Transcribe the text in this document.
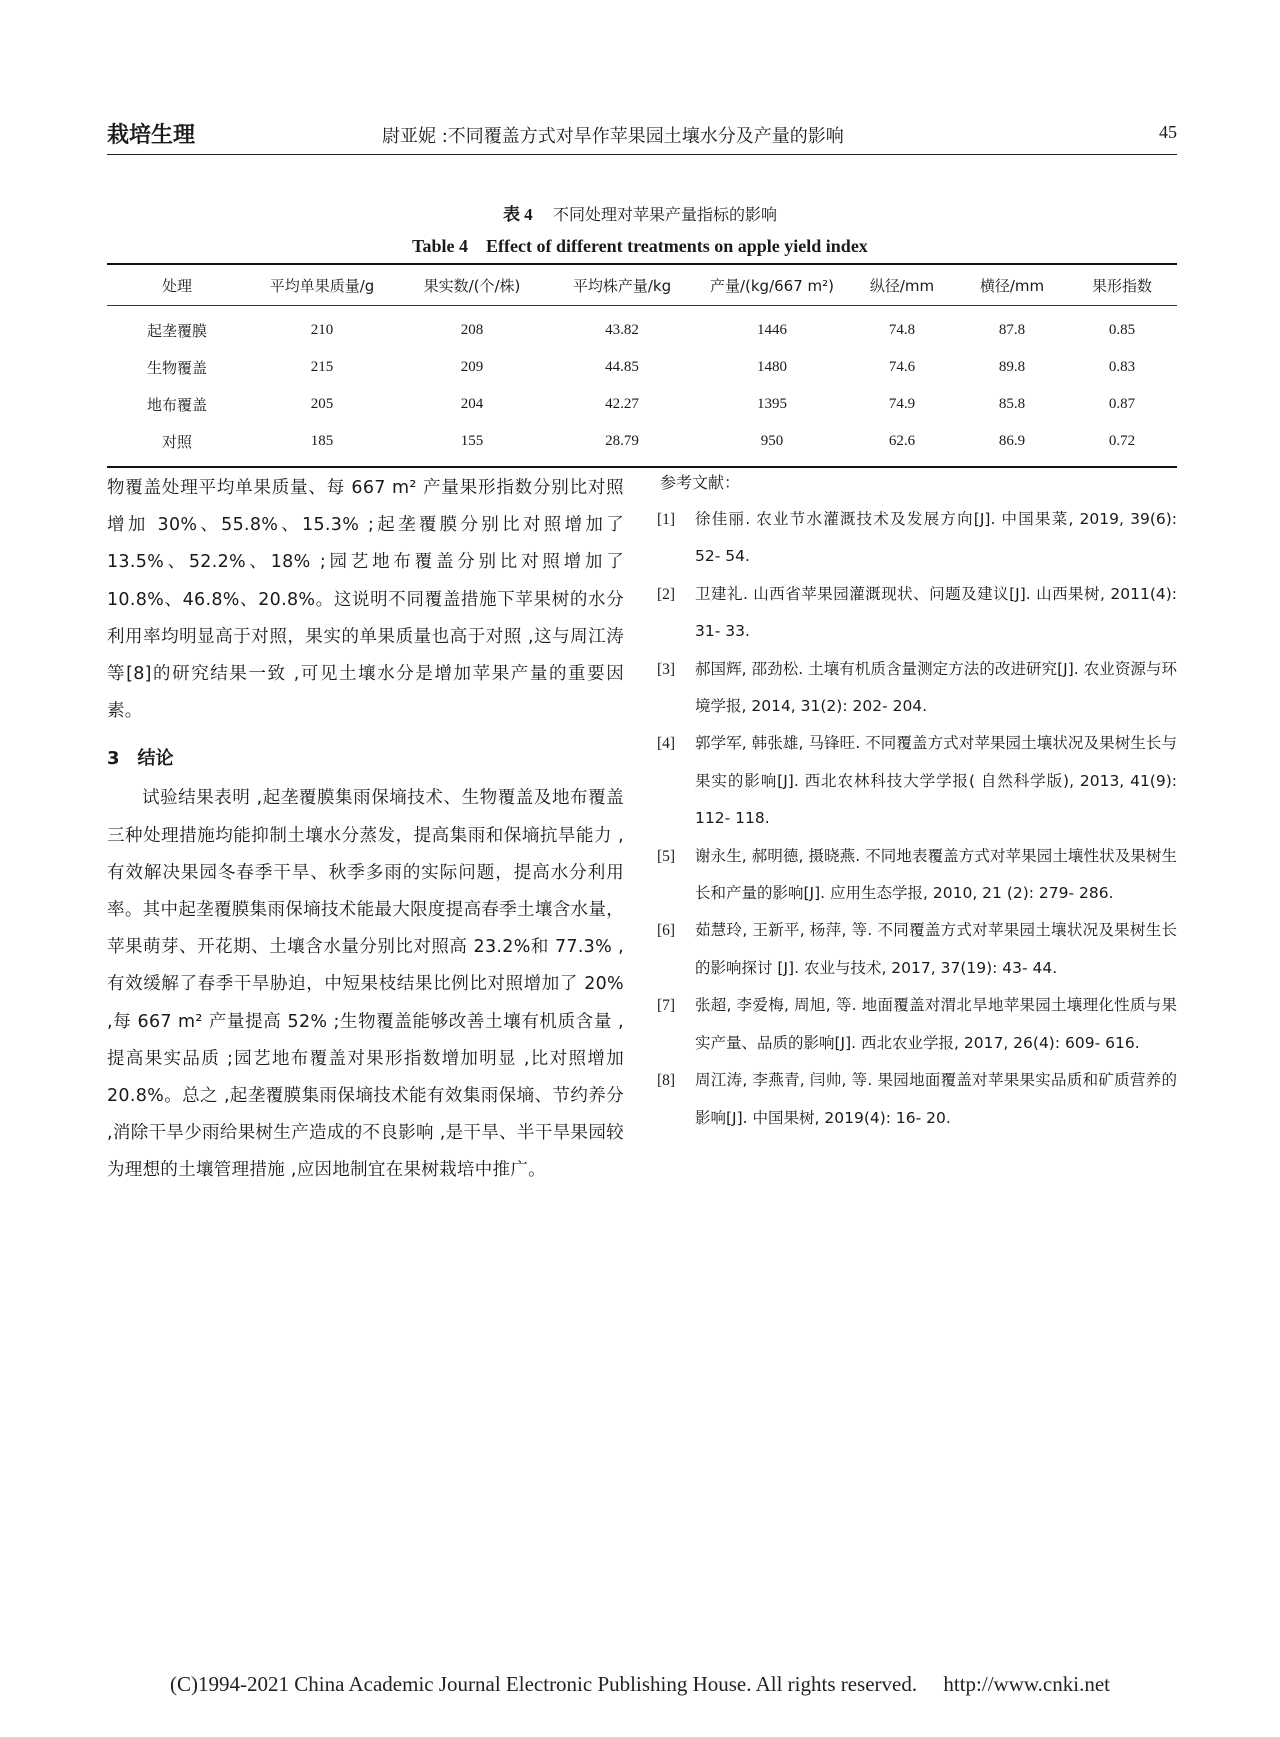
栽培生理	尉亚妮 :不同覆盖方式对旱作苹果园土壤水分及产量的影响	45
表 4 不同处理对苹果产量指标的影响
Table 4　Effect of different treatments on apple yield index
处理	平均单果质量/g	果实数/(个/株)	平均株产量/kg	产量/(kg/667 m²)	纵径/mm	横径/mm	果形指数
起垄覆膜	210	208	43.82	1446	74.8	87.8	0.85
生物覆盖	215	209	44.85	1480	74.6	89.8	0.83
地布覆盖	205	204	42.27	1395	74.9	85.8	0.87
对照	185	155	28.79	950	62.6	86.9	0.72

物覆盖处理平均单果质量、每 667 m² 产量果形指数分别比对照增加 30%、55.8%、15.3% ;起垄覆膜分别比对照增加了 13.5%、52.2%、18% ;园艺地布覆盖分别比对照增加了 10.8%、46.8%、20.8%。这说明不同覆盖措施下苹果树的水分利用率均明显高于对照，果实的单果质量也高于对照 ,这与周江涛等[8]的研究结果一致 ,可见土壤水分是增加苹果产量的重要因素。

3 结论

试验结果表明 ,起垄覆膜集雨保墒技术、生物覆盖及地布覆盖三种处理措施均能抑制土壤水分蒸发，提高集雨和保墒抗旱能力 ,有效解决果园冬春季干旱、秋季多雨的实际问题，提高水分利用率。其中起垄覆膜集雨保墒技术能最大限度提高春季土壤含水量，苹果萌芽、开花期、土壤含水量分别比对照高 23.2%和 77.3% ,有效缓解了春季干旱胁迫，中短果枝结果比例比对照增加了 20% ,每 667 m² 产量提高 52% ;生物覆盖能够改善土壤有机质含量 ,提高果实品质 ;园艺地布覆盖对果形指数增加明显 ,比对照增加 20.8%。总之 ,起垄覆膜集雨保墒技术能有效集雨保墒、节约养分 ,消除干旱少雨给果树生产造成的不良影响 ,是干旱、半干旱果园较为理想的土壤管理措施 ,应因地制宜在果树栽培中推广。

参考文献：
[1]	徐佳丽. 农业节水灌溉技术及发展方向[J]. 中国果菜, 2019, 39(6): 52- 54.
[2]	卫建礼. 山西省苹果园灌溉现状、问题及建议[J]. 山西果树, 2011(4): 31- 33.
[3]	郝国辉, 邵劲松. 土壤有机质含量测定方法的改进研究[J]. 农业资源与环境学报, 2014, 31(2): 202- 204.
[4]	郭学军, 韩张雄, 马锋旺. 不同覆盖方式对苹果园土壤状况及果树生长与果实的影响[J]. 西北农林科技大学学报( 自然科学版), 2013, 41(9): 112- 118.
[5]	谢永生, 郝明德, 摄晓燕. 不同地表覆盖方式对苹果园土壤性状及果树生长和产量的影响[J]. 应用生态学报, 2010, 21 (2): 279- 286.
[6]	茹慧玲, 王新平, 杨萍, 等. 不同覆盖方式对苹果园土壤状况及果树生长的影响探讨 [J]. 农业与技术, 2017, 37(19): 43- 44.
[7]	张超, 李爱梅, 周旭, 等. 地面覆盖对渭北旱地苹果园土壤理化性质与果实产量、品质的影响[J]. 西北农业学报, 2017, 26(4): 609- 616.
[8]	周江涛, 李燕青, 闫帅, 等. 果园地面覆盖对苹果果实品质和矿质营养的影响[J]. 中国果树, 2019(4): 16- 20.
(C)1994-2021 China Academic Journal Electronic Publishing House. All rights reserved.　 http://www.cnki.net
